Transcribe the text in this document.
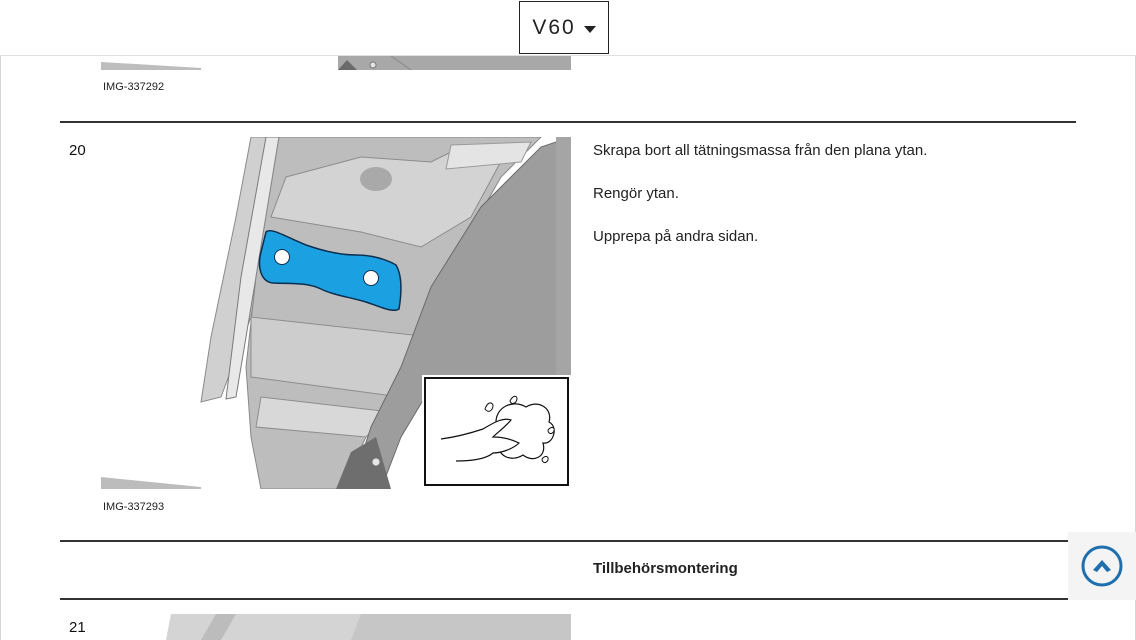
V60
IMG-337292
20
IMG-337293
Skrapa bort all tätningsmassa från den plana ytan.
Rengör ytan.
Upprepa på andra sidan.
Tillbehörsmontering
21
